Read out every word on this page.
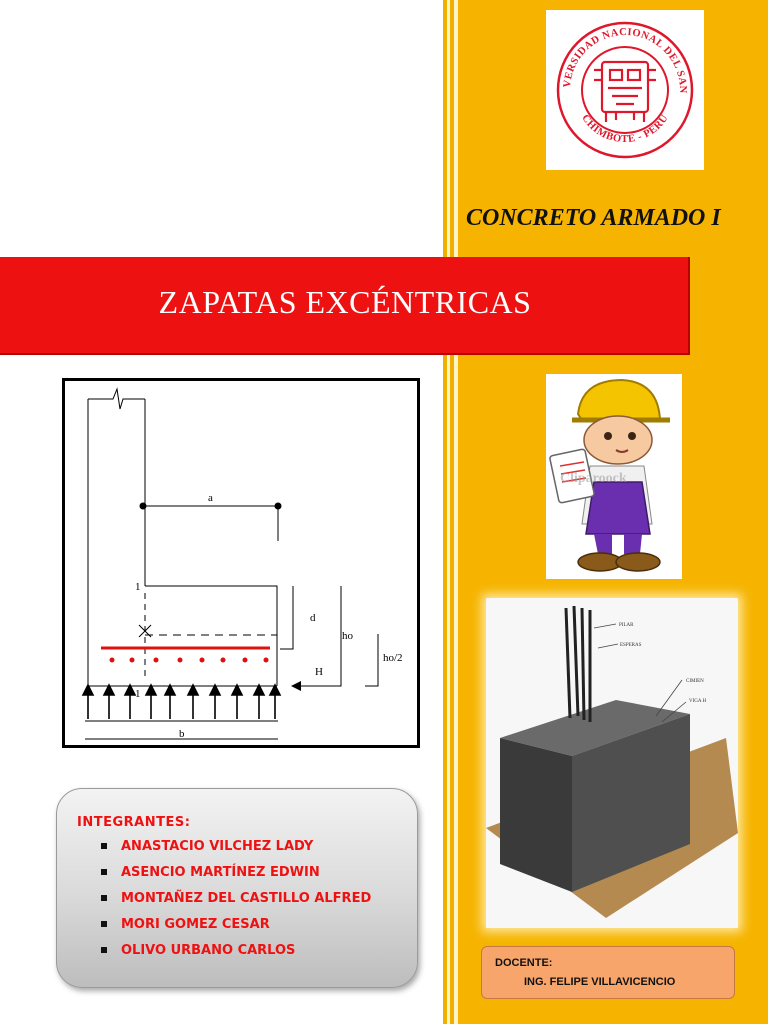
VERSIDAD NACIONAL DEL SAN
CHIMBOTE - PERÚ
CONCRETO ARMADO I
ZAPATAS EXCÉNTRICAS
a
d
ho
ho/2
H
b
1
1
Cliparoock
PILAR
ESPERAS
CIMIEN
VIGA H
INTEGRANTES:
ANASTACIO VILCHEZ LADY
ASENCIO MARTÍNEZ EDWIN
MONTAÑEZ DEL CASTILLO ALFRED
MORI GOMEZ CESAR
OLIVO URBANO CARLOS
DOCENTE:
ING. FELIPE VILLAVICENCIO
